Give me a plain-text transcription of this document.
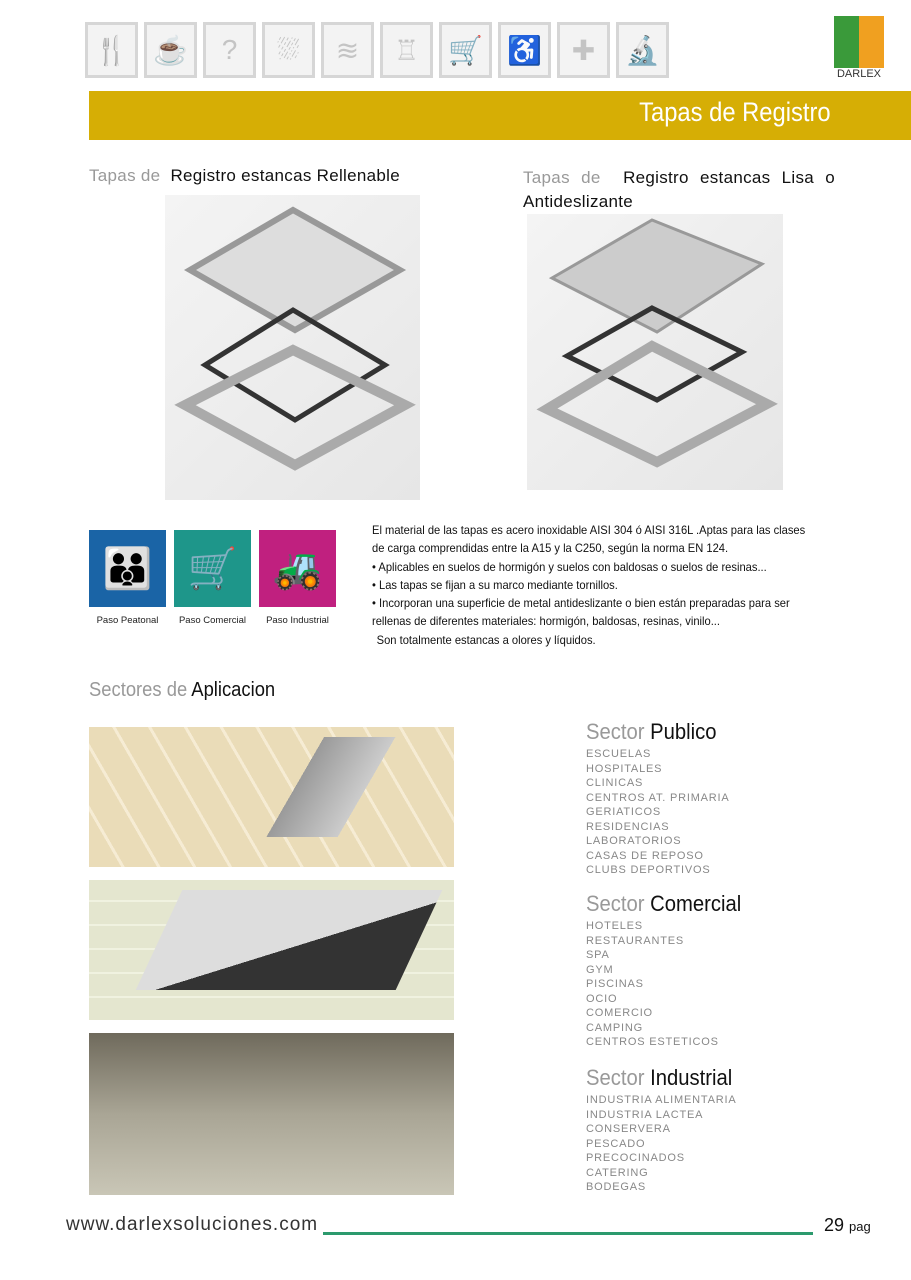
🍴 ☕	?	⛆	≋	♖	🛒 ♿	✚	🔬
DARLEX
Tapas de Registro
Tapas de Registro estancas Rellenable	Tapas de Registro estancas Lisa o Antideslizante
👪 🛒 🚜
Paso Peatonal	Paso Comercial	Paso Industrial
El material de las tapas es acero inoxidable AISI 304 ó AISI 316L .Aptas para las clases de carga comprendidas entre la A15 y la C250, según la norma EN 124.
• Aplicables en suelos de hormigón y suelos con baldosas o suelos de resinas...
• Las tapas se fijan a su marco mediante tornillos.
• Incorporan una superficie de metal antideslizante o bien están preparadas para ser rellenas de diferentes materiales: hormigón, baldosas, resinas, vinilo...
Son totalmente estancas a olores y líquidos.
Sectores de Aplicacion
Sector Publico
ESCUELAS
HOSPITALES
CLINICAS
CENTROS AT. PRIMARIA
GERIATICOS
RESIDENCIAS
LABORATORIOS
CASAS DE REPOSO
CLUBS DEPORTIVOS
Sector Comercial
HOTELES
RESTAURANTES
SPA
GYM
PISCINAS
OCIO
COMERCIO
CAMPING
CENTROS ESTETICOS
Sector Industrial
INDUSTRIA ALIMENTARIA
INDUSTRIA LACTEA
CONSERVERA
PESCADO
PRECOCINADOS
CATERING
BODEGAS
www.darlexsoluciones.com	29 pag
